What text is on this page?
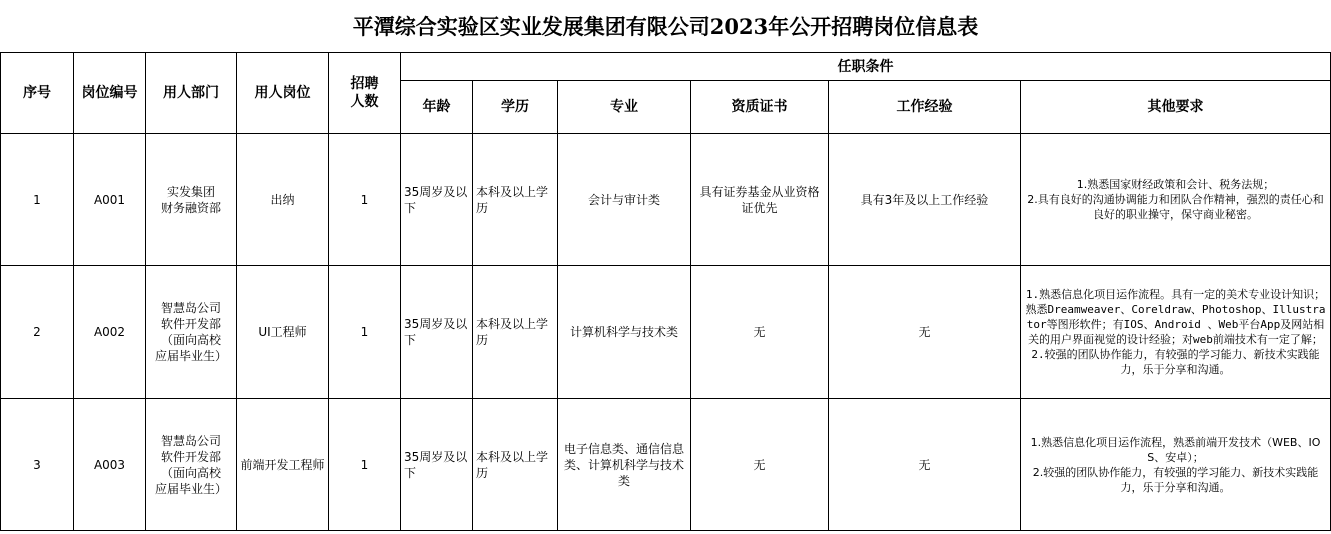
平潭综合实验区实业发展集团有限公司2023年公开招聘岗位信息表
序号	岗位编号	用人部门	用人岗位	招聘
人数	任职条件					
					年龄	学历	专业	资质证书	工作经验	其他要求
1	A001	实发集团
财务融资部	出纳	1	35周岁及以下	本科及以上学历	会计与审计类	具有证券基金从业资格证优先	具有3年及以上工作经验	1.熟悉国家财经政策和会计、税务法规；
2.具有良好的沟通协调能力和团队合作精神，强烈的责任心和良好的职业操守，保守商业秘密。

2	A002	智慧岛公司
软件开发部
（面向高校
应届毕业生）	UI工程师	1	35周岁及以下	本科及以上学历	计算机科学与技术类	无	无	1.熟悉信息化项目运作流程。具有一定的美术专业设计知识；熟悉Dreamweaver、Coreldraw、Photoshop、Illustrator等图形软件；有IOS、Android 、Web平台App及网站相关的用户界面视觉的设计经验；对web前端技术有一定了解；
2.较强的团队协作能力，有较强的学习能力、新技术实践能力，乐于分享和沟通。

3	A003	智慧岛公司
软件开发部
（面向高校
应届毕业生）	前端开发工程师	1	35周岁及以下	本科及以上学历	电子信息类、通信信息类、计算机科学与技术类	无	无	1.熟悉信息化项目运作流程，熟悉前端开发技术（WEB、IOS、安卓）；
2.较强的团队协作能力，有较强的学习能力、新技术实践能力，乐于分享和沟通。
